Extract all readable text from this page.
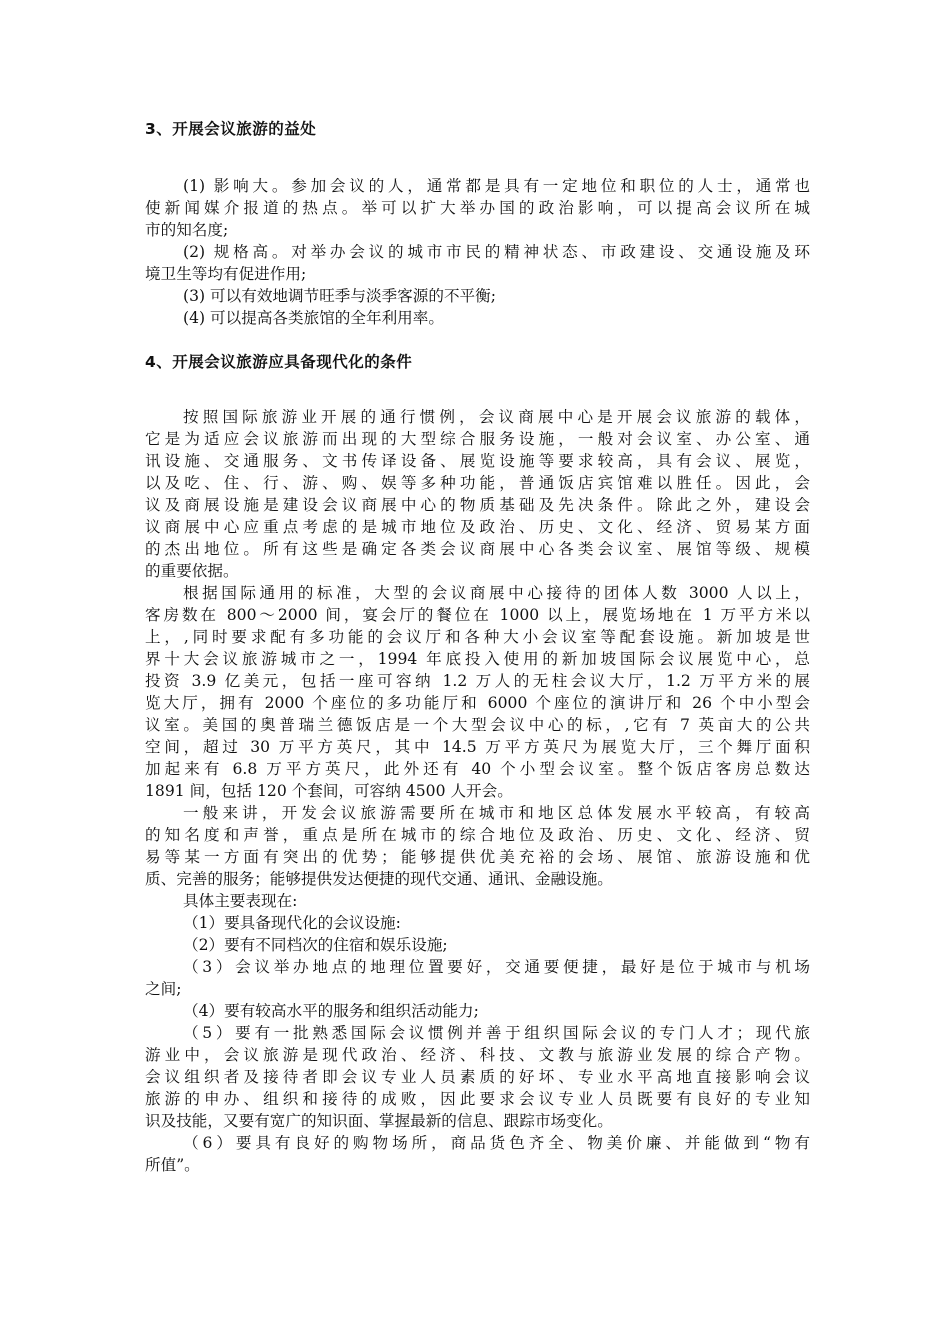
3、开展会议旅游的益处
(1) 影响大。参加会议的人，通常都是具有一定地位和职位的人士，通常也
使新闻媒介报道的热点。举可以扩大举办国的政治影响，可以提高会议所在城
市的知名度;
(2) 规格高。对举办会议的城市市民的精神状态、市政建设、交通设施及环
境卫生等均有促进作用;
(3) 可以有效地调节旺季与淡季客源的不平衡;
(4) 可以提高各类旅馆的全年利用率。
4、开展会议旅游应具备现代化的条件
按照国际旅游业开展的通行惯例，会议商展中心是开展会议旅游的载体，
它是为适应会议旅游而出现的大型综合服务设施，一般对会议室、办公室、通
讯设施、交通服务、文书传译设备、展览设施等要求较高，具有会议、展览，
以及吃、住、行、游、购、娱等多种功能，普通饭店宾馆难以胜任。因此，会
议及商展设施是建设会议商展中心的物质基础及先决条件。除此之外，建设会
议商展中心应重点考虑的是城市地位及政治、历史、文化、经济、贸易某方面
的杰出地位。所有这些是确定各类会议商展中心各类会议室、展馆等级、规模
的重要依据。
根据国际通用的标准，大型的会议商展中心接待的团体人数 3000 人以上，
客房数在 800～2000 间，宴会厅的餐位在 1000 以上，展览场地在 1 万平方米以
上，,同时要求配有多功能的会议厅和各种大小会议室等配套设施。新加坡是世
界十大会议旅游城市之一，1994 年底投入使用的新加坡国际会议展览中心，总
投资 3.9 亿美元，包括一座可容纳 1.2 万人的无柱会议大厅，1.2 万平方米的展
览大厅，拥有 2000 个座位的多功能厅和 6000 个座位的演讲厅和 26 个中小型会
议室。美国的奥普瑞兰德饭店是一个大型会议中心的标，,它有 7 英亩大的公共
空间，超过 30 万平方英尺，其中 14.5 万平方英尺为展览大厅，三个舞厅面积
加起来有 6.8 万平方英尺，此外还有 40 个小型会议室。整个饭店客房总数达
1891 间，包括 120 个套间，可容纳 4500 人开会。
一般来讲，开发会议旅游需要所在城市和地区总体发展水平较高，有较高
的知名度和声誉，重点是所在城市的综合地位及政治、历史、文化、经济、贸
易等某一方面有突出的优势；能够提供优美充裕的会场、展馆、旅游设施和优
质、完善的服务；能够提供发达便捷的现代交通、通讯、金融设施。
具体主要表现在:
（1）要具备现代化的会议设施:
（2）要有不同档次的住宿和娱乐设施;
（3）会议举办地点的地理位置要好，交通要便捷，最好是位于城市与机场
之间;
（4）要有较高水平的服务和组织活动能力;
（5）要有一批熟悉国际会议惯例并善于组织国际会议的专门人才；现代旅
游业中，会议旅游是现代政治、经济、科技、文教与旅游业发展的综合产物。
会议组织者及接待者即会议专业人员素质的好坏、专业水平高地直接影响会议
旅游的申办、组织和接待的成败，因此要求会议专业人员既要有良好的专业知
识及技能，又要有宽广的知识面、掌握最新的信息、跟踪市场变化。
（6）要具有良好的购物场所，商品货色齐全、物美价廉、并能做到“物有
所值”。
